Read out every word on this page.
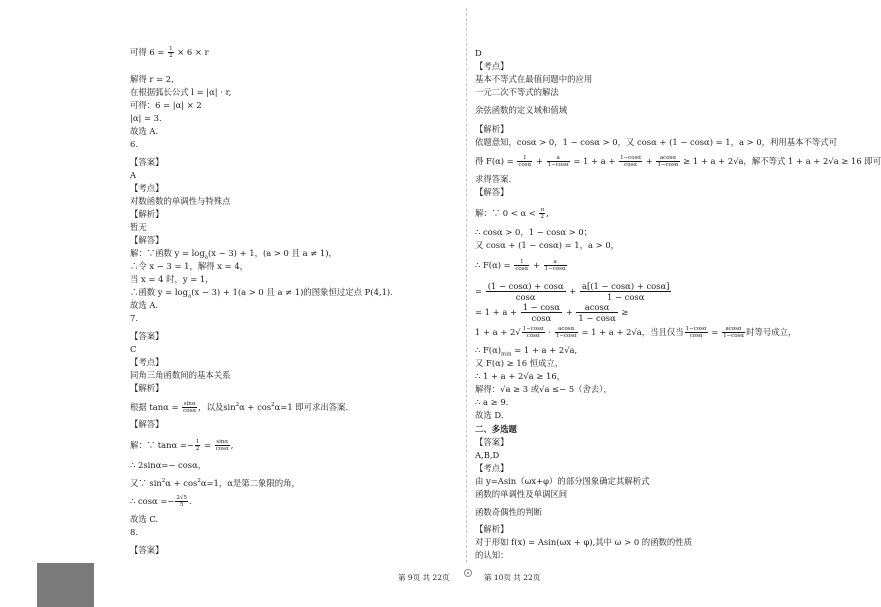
可得 $6 = \frac{1}{2} \times 6 \times r$
解得 r = 2,
在根据弧长公式 l = |α| · r,
可得：6 = |α| × 2
|α| = 3.
故选 A.
6.
【答案】
A
【考点】
对数函数的单调性与特殊点
【解析】
暂无
【解答】
解：∵函数 $y = \log_a(x - 3) + 1$，(a > 0 且 a ≠ 1)，
∴令 x − 3 = 1，解得 x = 4，
当 x = 4 时，y = 1，
∴函数 $y = \log_a(x - 3) + 1(a > 0$ 且 a ≠ 1)的图象恒过定点 P(4,1).
故选 A.
7.
【答案】
C
【考点】
同角三角函数间的基本关系
【解析】
根据 $\tan\alpha = \frac{\sin\alpha}{\cos\alpha}$ ，以及$\sin^2\alpha + \cos^2\alpha=1$ 即可求出答案.
【解答】
解：∵ $\tan\alpha =- \frac{1}{2} = \frac{\sin\alpha}{\cos\alpha}$ ,
∴ 2sinα=− cosα，
又∵ $\sin^2\alpha + \cos^2\alpha=1$，α是第二象限的角，
∴ $\cos\alpha =- \frac{2√5}{5}$ .
故选 C.
8.
【答案】
D
【考点】
基本不等式在最值问题中的应用
一元二次不等式的解法
余弦函数的定义域和值域
【解析】
依题意知，cosα > 0，1 − cosα > 0，又 cosα + (1 − cosα) = 1，a > 0，利用基本不等式可
得 $F(\alpha) = \frac{1}{\cos\alpha} + \frac{a}{1-\cos\alpha} = 1 + a + \frac{1-\cos\alpha}{\cos\alpha} + \frac{acos\alpha}{1-\cos\alpha} \ge 1 + a + 2√a$，解不等式 1 + a + 2√a ≥ 16 即可
求得答案.
【解答】
解：∵ $0 < \alpha < \frac{\pi}{2}$ ,
∴ cosα > 0，1 − cosα > 0；
又 cosα + (1 − cosα) = 1，a > 0，
∴ $F(\alpha) = \frac{1}{\cos\alpha} + \frac{a}{1-\cos\alpha}$
= $\frac{(1 - \cos\alpha) + \cos\alpha}{\cos\alpha} + \frac{a[(1 - \cos\alpha) + \cos\alpha]}{1 - \cos\alpha}$
= $1 + a + \frac{1 - \cos\alpha}{\cos\alpha} + \frac{acos\alpha}{1 - \cos\alpha}$ ≥
$1 + a + 2√ \frac{1-\cos\alpha}{\cos\alpha} \cdot \frac{acos\alpha}{1-\cos\alpha} = 1 + a + 2√a$，当且仅当 $\frac{1-\cos\alpha}{\cos\alpha} = \frac{acos\alpha}{1-\cos\alpha}$ 时等号成立，
∴ $F(\alpha)_{min} = 1 + a + 2√a$,
又 F(α) ≥ 16 恒成立，
∴ 1 + a + 2√a ≥ 16，
解得：√a ≥ 3 或√a ≤− 5（舍去），
∴ a ≥ 9.
故选 D.
二、多选题
【答案】
A,B,D
【考点】
由 y=Asin（ωx+φ）的部分图象确定其解析式
函数的单调性及单调区间
函数奇偶性的判断
【解析】
对于形如 f(x) = Asin(ωx + φ),其中 ω > 0 的函数的性质
的认知：
第 9页 共 22页	第 10页 共 22页
